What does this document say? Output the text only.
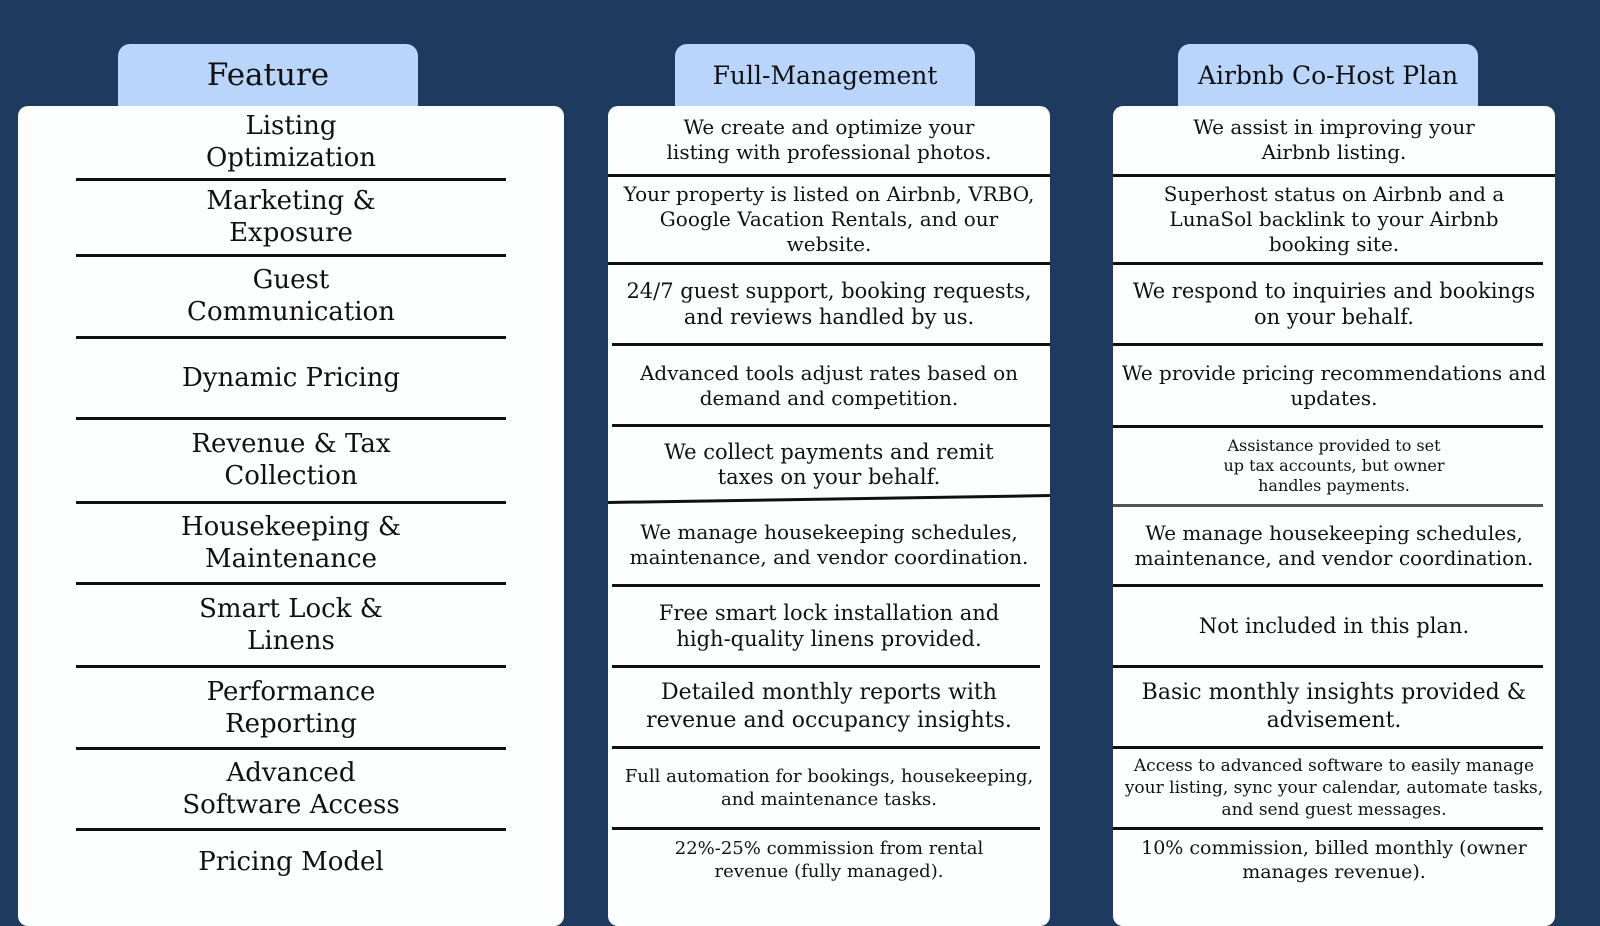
Feature
Listing
Optimization
Marketing &
Exposure
Guest
Communication
Dynamic Pricing
Revenue & Tax
Collection
Housekeeping &
Maintenance
Smart Lock &
Linens
Performance
Reporting
Advanced
Software Access
Pricing Model
Full-Management
We create and optimize your
listing with professional photos.
Your property is listed on Airbnb, VRBO,
Google Vacation Rentals, and our
website.
24/7 guest support, booking requests,
and reviews handled by us.
Advanced tools adjust rates based on
demand and competition.
We collect payments and remit
taxes on your behalf.
We manage housekeeping schedules,
maintenance, and vendor coordination.
Free smart lock installation and
high-quality linens provided.
Detailed monthly reports with
revenue and occupancy insights.
Full automation for bookings, housekeeping,
and maintenance tasks.
22%-25% commission from rental
revenue (fully managed).
Airbnb Co-Host Plan
We assist in improving your
Airbnb listing.
Superhost status on Airbnb and a
LunaSol backlink to your Airbnb
booking site.
We respond to inquiries and bookings
on your behalf.
We provide pricing recommendations and
updates.
Assistance provided to set
up tax accounts, but owner
handles payments.
We manage housekeeping schedules,
maintenance, and vendor coordination.
Not included in this plan.
Basic monthly insights provided &
advisement.
Access to advanced software to easily manage
your listing, sync your calendar, automate tasks,
and send guest messages.
10% commission, billed monthly (owner
manages revenue).
